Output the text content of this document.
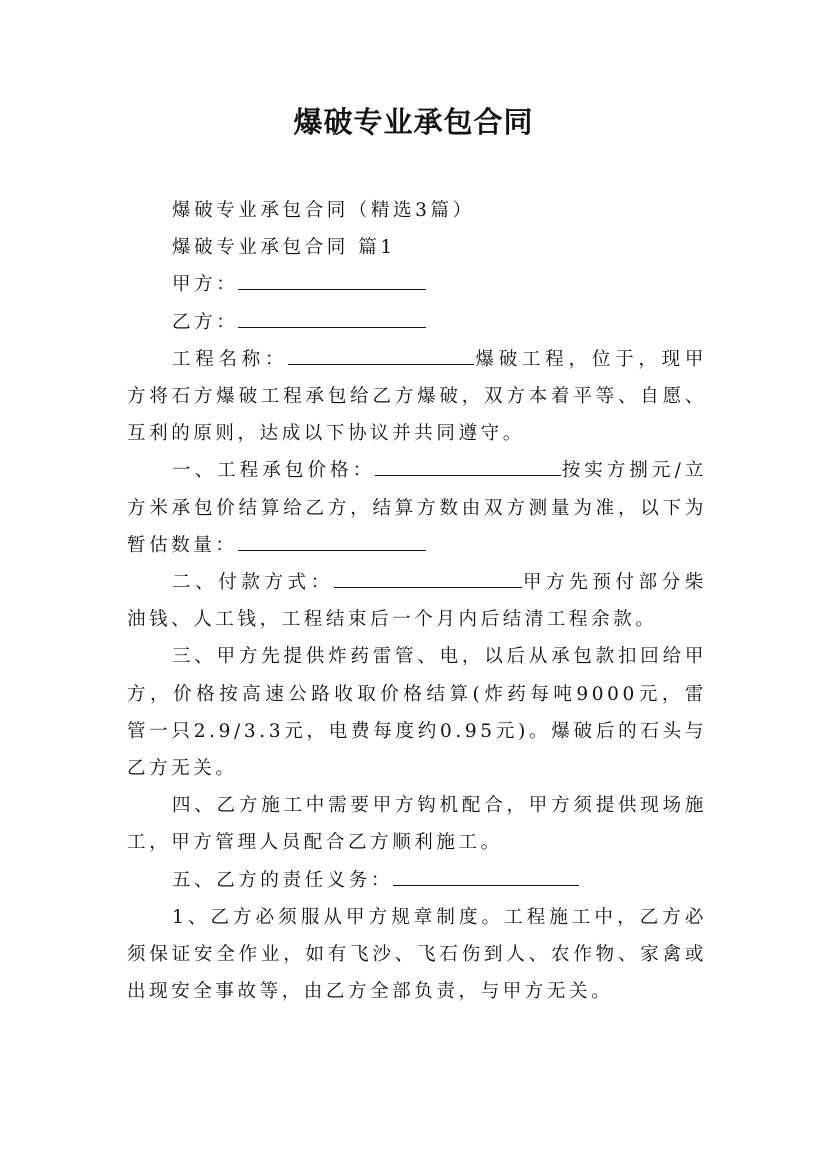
爆破专业承包合同

爆破专业承包合同（精选3篇）

爆破专业承包合同 篇1

甲方：

乙方：

工程名称：	爆破工程，位于，现甲方将石方爆破工程承包给乙方爆破，双方本着平等、自愿、互利的原则，达成以下协议并共同遵守。

一、工程承包价格：	按实方捌元/立方米承包价结算给乙方，结算方数由双方测量为准，以下为暂估数量：

二、付款方式：	甲方先预付部分柴油钱、人工钱，工程结束后一个月内后结清工程余款。

三、甲方先提供炸药雷管、电，以后从承包款扣回给甲方，价格按高速公路收取价格结算(炸药每吨9000元，雷管一只2.9/3.3元，电费每度约0.95元)。爆破后的石头与乙方无关。

四、乙方施工中需要甲方钩机配合，甲方须提供现场施工，甲方管理人员配合乙方顺利施工。

五、乙方的责任义务：

1、乙方必须服从甲方规章制度。工程施工中，乙方必须保证安全作业，如有飞沙、飞石伤到人、农作物、家禽或出现安全事故等，由乙方全部负责，与甲方无关。
